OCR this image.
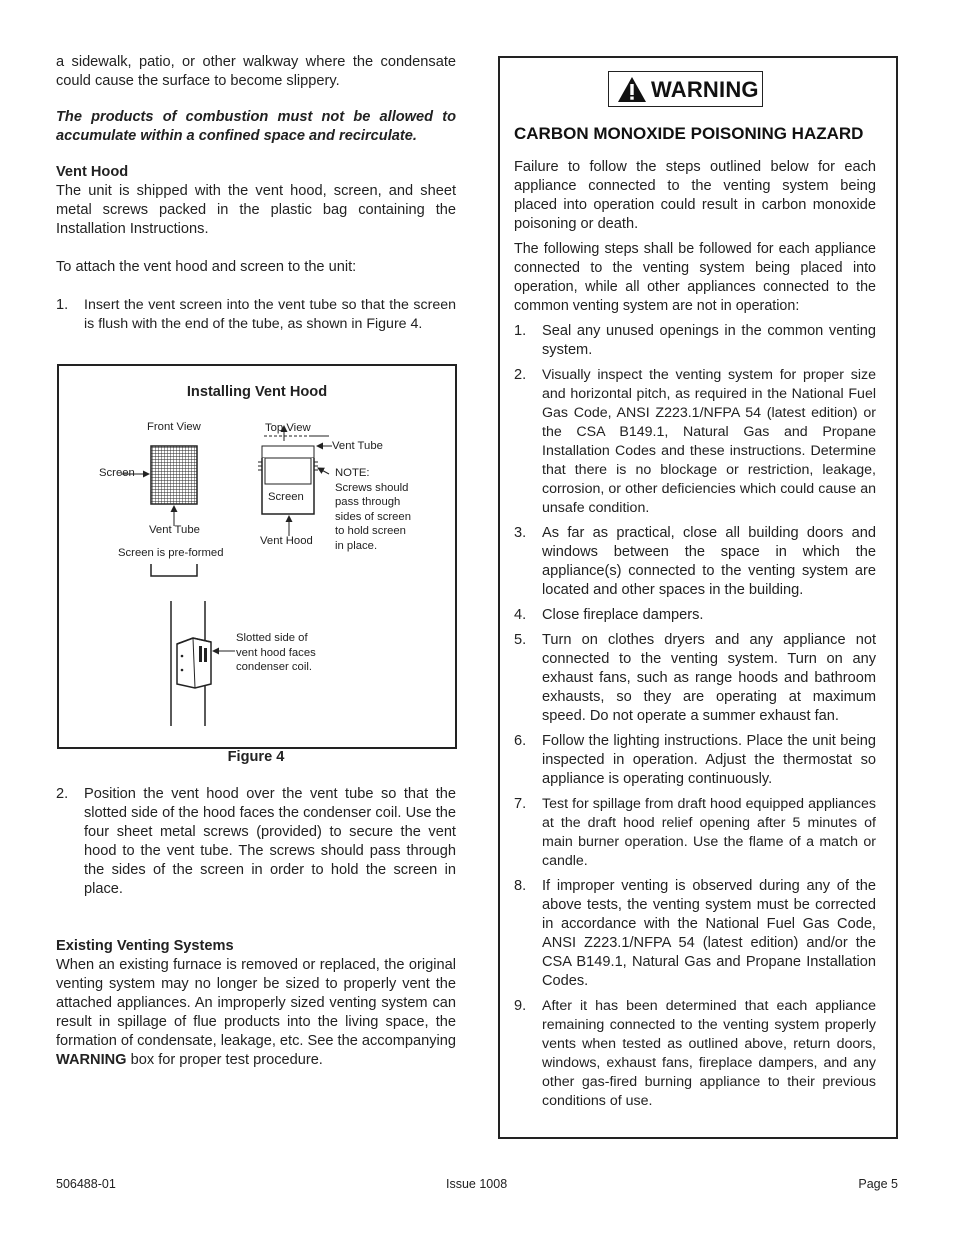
a sidewalk, patio, or other walkway where the condensate could cause the surface to become slippery.

The products of combustion must not be allowed to accumulate within a confined space and recirculate.

Vent Hood

The unit is shipped with the vent hood, screen, and sheet metal screws packed in the plastic bag containing the Installation Instructions.

To attach the vent hood and screen to the unit:

1.	Insert the vent screen into the vent tube so that the screen is flush with the end of the tube, as shown in Figure 4.
Installing Vent Hood
Front View	Top View
Vent Tube
Screen
Screen
NOTE:
Screws should
pass through
sides of screen
to hold screen
in place.
Vent Tube
Vent Hood
Screen is pre-formed
Slotted side of
vent hood faces
condenser coil.
Figure 4
2.	Position the vent hood over the vent tube so that the slotted side of the hood faces the condenser coil. Use the four sheet metal screws (provided) to secure the vent hood to the vent tube. The screws should pass through the sides of the screen in order to hold the screen in place.
Existing Venting Systems

When an existing furnace is removed or replaced, the original venting system may no longer be sized to properly vent the attached appliances. An improperly sized venting system can result in spillage of flue products into the living space, the formation of condensate, leakage, etc. See the accompanying WARNING box for proper test procedure.

WARNING
CARBON MONOXIDE POISONING HAZARD

Failure to follow the steps outlined below for each appliance connected to the venting system being placed into operation could result in carbon monoxide poisoning or death.

The following steps shall be followed for each appliance connected to the venting system being placed into operation, while all other appliances connected to the common venting system are not in operation:

1.	Seal any unused openings in the common venting system.
2.	Visually inspect the venting system for proper size and horizontal pitch, as required in the National Fuel Gas Code, ANSI Z223.1/NFPA 54 (latest edition) or the CSA B149.1, Natural Gas and Propane Installation Codes and these instructions. Determine that there is no blockage or restriction, leakage, corrosion, or other deficiencies which could cause an unsafe condition.
3.	As far as practical, close all building doors and windows between the space in which the appliance(s) connected to the venting system are located and other spaces in the building.
4.	Close fireplace dampers.
5.	Turn on clothes dryers and any appliance not connected to the venting system. Turn on any exhaust fans, such as range hoods and bathroom exhausts, so they are operating at maximum speed. Do not operate a summer exhaust fan.
6.	Follow the lighting instructions. Place the unit being inspected in operation. Adjust the thermostat so appliance is operating continuously.
7.	Test for spillage from draft hood equipped appliances at the draft hood relief opening after 5 minutes of main burner operation. Use the flame of a match or candle.
8.	If improper venting is observed during any of the above tests, the venting system must be corrected in accordance with the National Fuel Gas Code, ANSI Z223.1/NFPA 54 (latest edition) and/or the CSA B149.1, Natural Gas and Propane Installation Codes.
9.	After it has been determined that each appliance remaining connected to the venting system properly vents when tested as outlined above, return doors, windows, exhaust fans, fireplace dampers, and any other gas-fired burning appliance to their previous conditions of use.
506488-01	Issue 1008	Page 5
